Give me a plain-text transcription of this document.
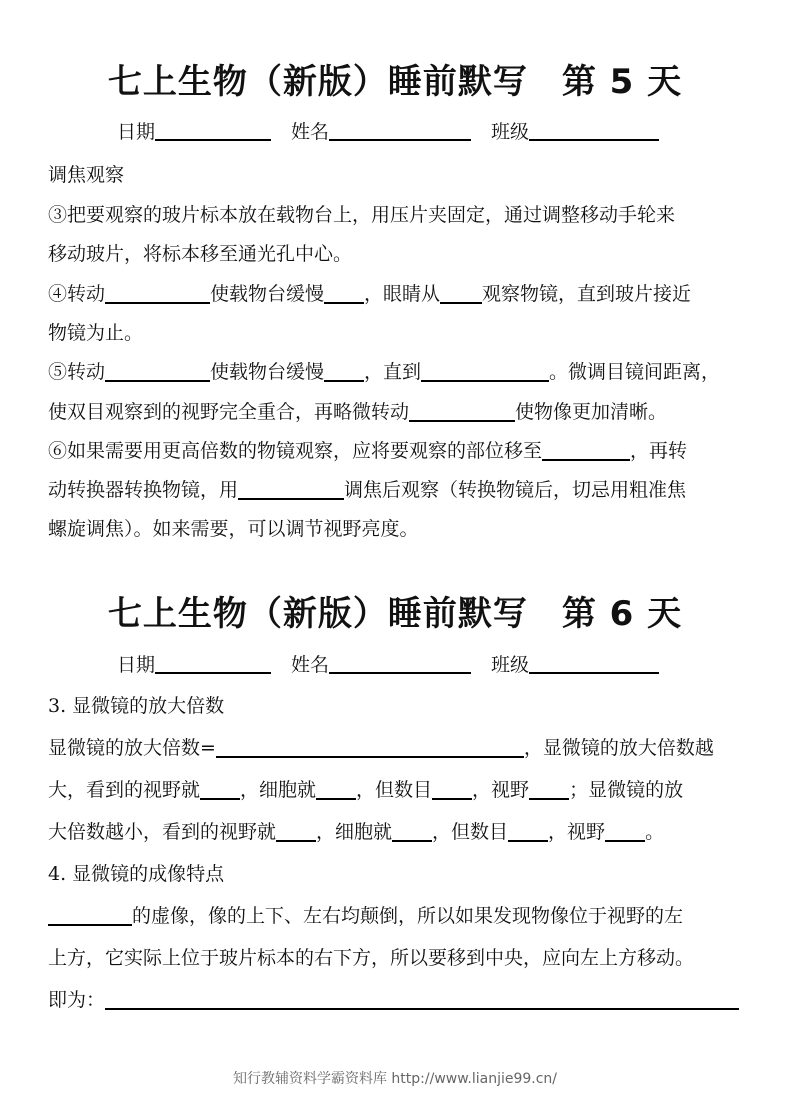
七上生物（新版）睡前默写 第 5 天
日期	姓名	班级
调焦观察
③把要观察的玻片标本放在载物台上，用压片夹固定，通过调整移动手轮来
移动玻片，将标本移至通光孔中心。
④转动	使载物台缓慢 ，眼睛从 观察物镜，直到玻片接近
物镜为止。
⑤转动	使载物台缓慢 ，直到	。微调目镜间距离，
使双目观察到的视野完全重合，再略微转动	使物像更加清晰。
⑥如果需要用更高倍数的物镜观察，应将要观察的部位移至	，再转
动转换器转换物镜，用	调焦后观察（转换物镜后，切忌用粗准焦
螺旋调焦）。如来需要，可以调节视野亮度。
七上生物（新版）睡前默写 第 6 天
日期	姓名	班级
3. 显微镜的放大倍数
显微镜的放大倍数=	，显微镜的放大倍数越
大，看到的视野就 ，细胞就 ，但数目 ，视野 ；显微镜的放
大倍数越小，看到的视野就 ，细胞就 ，但数目 ，视野 。
4. 显微镜的成像特点
的虚像，像的上下、左右均颠倒，所以如果发现物像位于视野的左
上方，它实际上位于玻片标本的右下方，所以要移到中央，应向左上方移动。
即为：
知行教辅资料学霸资料库 http://www.lianjie99.cn/
